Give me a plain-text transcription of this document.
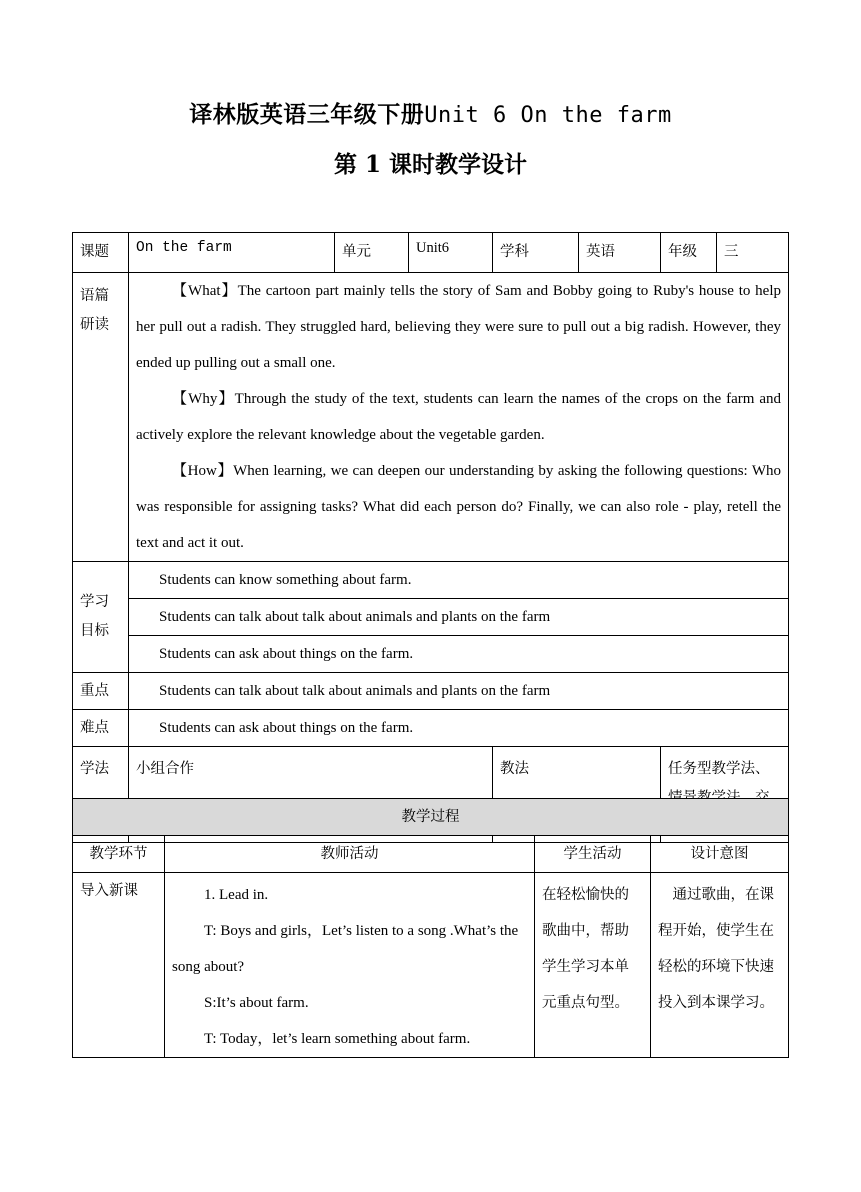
译林版英语三年级下册Unit 6 On the farm
第 1 课时教学设计
课题	On the farm	单元	Unit6	学科	英语	年级	三
语篇研读	【What】The cartoon part mainly tells the story of Sam and Bobby going to Ruby's house to help her pull out a radish. They struggled hard, believing they were sure to pull out a big radish. However, they ended up pulling out a small one.
【Why】Through the study of the text, students can learn the names of the crops on the farm and actively explore the relevant knowledge about the vegetable garden.
【How】When learning, we can deepen our understanding by asking the following questions: Who was responsible for assigning tasks? What did each person do? Finally, we can also role - play, retell the text and act it out.						

学习目标	Students can know something about farm.						
	Students can talk about talk about animals and plants on the farm						
	Students can ask about things on the farm.						
重点	Students can talk about talk about animals and plants on the farm						
难点	Students can ask about things on the farm.						
学法	小组合作			教法		任务型教学法、	
教学过程			
教学环节	教师活动	学生活动	设计意图
导入新课	1. Lead in.
T: Boys and girls，Let’s listen to a song .What’s the song about?
S:It’s about farm.
T: Today，let’s learn something about farm.	在轻松愉快的歌曲中，帮助学生学习本单元重点句型。	通过歌曲，在课程开始，使学生在轻松的环境下快速投入到本课学习。
